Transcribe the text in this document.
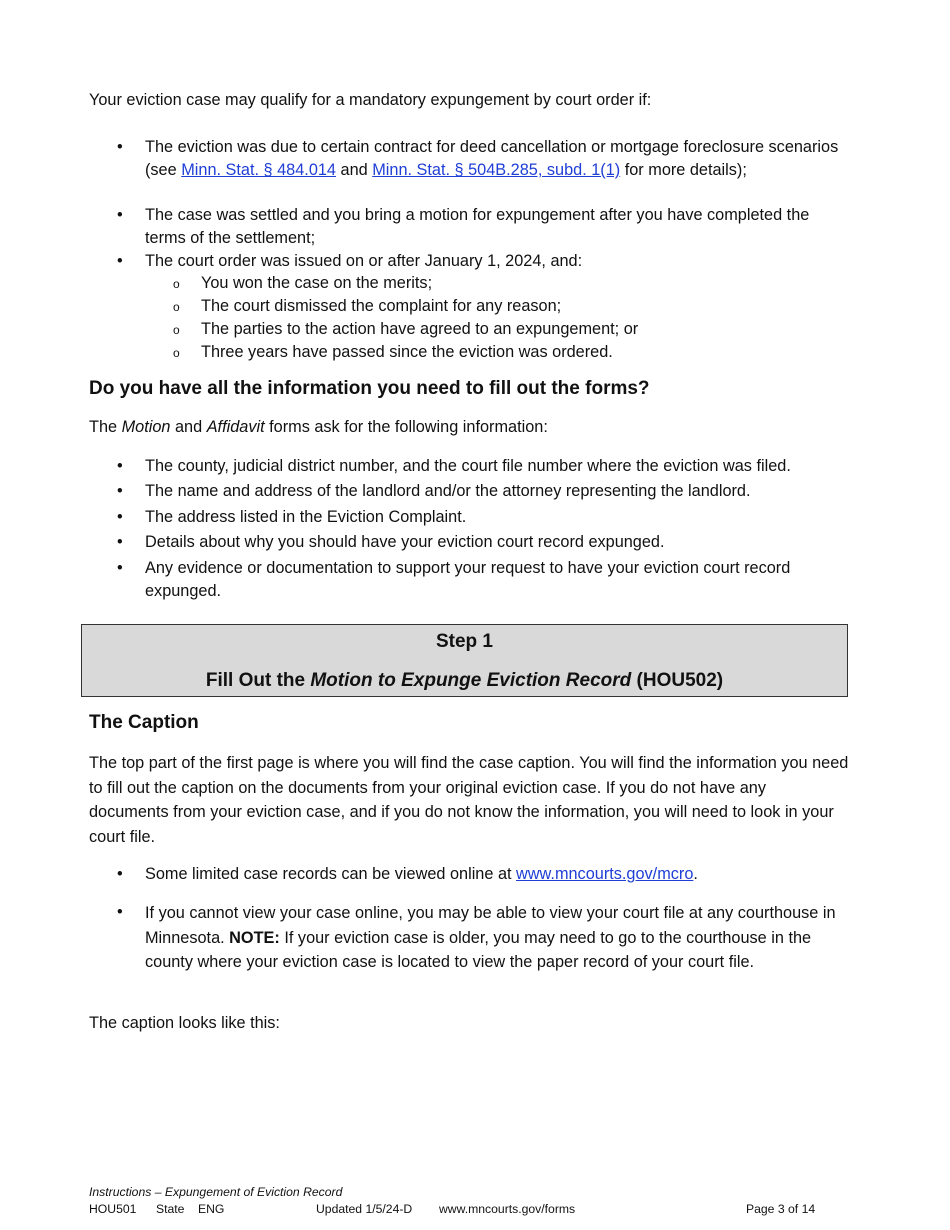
Your eviction case may qualify for a mandatory expungement by court order if:

• The eviction was due to certain contract for deed cancellation or mortgage foreclosure scenarios (see Minn. Stat. § 484.014 and Minn. Stat. § 504B.285, subd. 1(1) for more details);
• The case was settled and you bring a motion for expungement after you have completed the terms of the settlement;
• The court order was issued on or after January 1, 2024, and:
o You won the case on the merits;
o The court dismissed the complaint for any reason;
o The parties to the action have agreed to an expungement; or
o Three years have passed since the eviction was ordered.
Do you have all the information you need to fill out the forms?

The Motion and Affidavit forms ask for the following information:

• The county, judicial district number, and the court file number where the eviction was filed.
• The name and address of the landlord and/or the attorney representing the landlord.
• The address listed in the Eviction Complaint.
• Details about why you should have your eviction court record expunged.
• Any evidence or documentation to support your request to have your eviction court record expunged.
Step 1
Fill Out the Motion to Expunge Eviction Record (HOU502)
The Caption

The top part of the first page is where you will find the case caption. You will find the information you need to fill out the caption on the documents from your original eviction case. If you do not have any documents from your eviction case, and if you do not know the information, you will need to look in your court file.

• Some limited case records can be viewed online at www.mncourts.gov/mcro.
• If you cannot view your case online, you may be able to view your court file at any courthouse in Minnesota. NOTE: If your eviction case is older, you may need to go to the courthouse in the county where your eviction case is located to view the paper record of your court file.

The caption looks like this:

Instructions – Expungement of Eviction Record
HOU501 State ENG	Updated 1/5/24-D www.mncourts.gov/forms	Page 3 of 14
